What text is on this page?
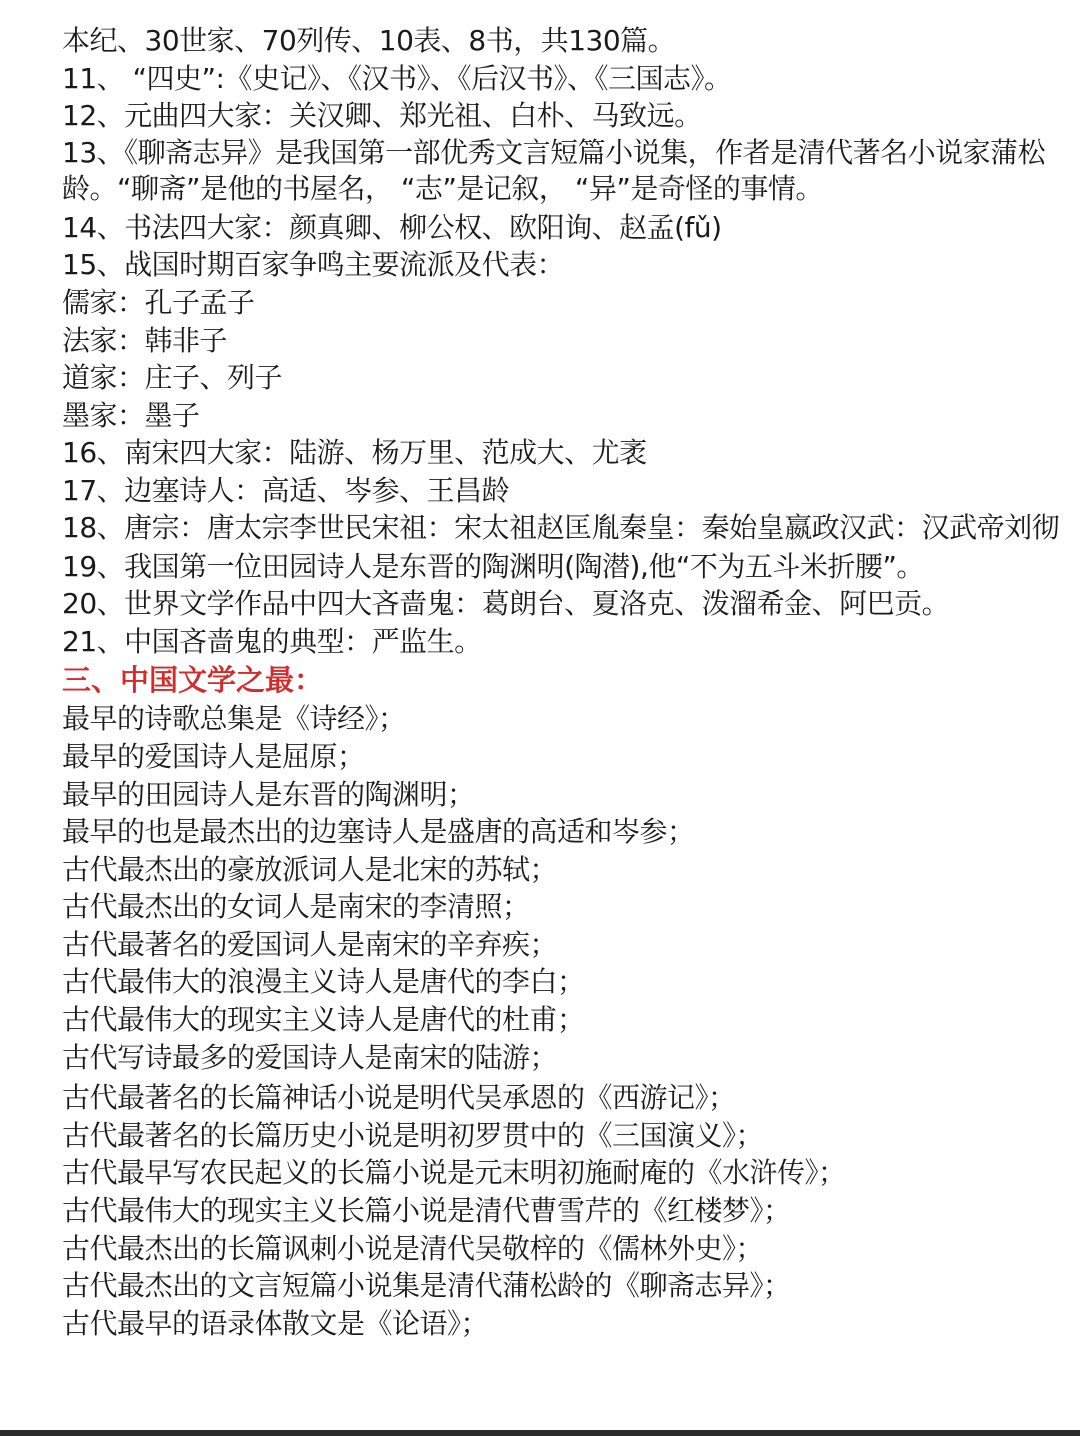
本纪、30世家、70列传、10表、8书，共130篇。
11、 “四史”:《史记》、《汉书》、《后汉书》、《三国志》。
12、元曲四大家：关汉卿、郑光祖、白朴、马致远。
13、《聊斋志异》是我国第一部优秀文言短篇小说集，作者是清代著名小说家蒲松龄。“聊斋”是他的书屋名， “志”是记叙， “异”是奇怪的事情。
14、书法四大家：颜真卿、柳公权、欧阳询、赵孟(fǔ)
15、战国时期百家争鸣主要流派及代表：
儒家：孔子孟子
法家：韩非子
道家：庄子、列子
墨家：墨子
16、南宋四大家：陆游、杨万里、范成大、尤袤
17、边塞诗人：高适、岑参、王昌龄
18、唐宗：唐太宗李世民宋祖：宋太祖赵匡胤秦皇：秦始皇嬴政汉武：汉武帝刘彻
19、我国第一位田园诗人是东晋的陶渊明(陶潜),他“不为五斗米折腰”。
20、世界文学作品中四大吝啬鬼：葛朗台、夏洛克、泼溜希金、阿巴贡。
21、中国吝啬鬼的典型：严监生。
三、中国文学之最：
最早的诗歌总集是《诗经》；
最早的爱国诗人是屈原；
最早的田园诗人是东晋的陶渊明；
最早的也是最杰出的边塞诗人是盛唐的高适和岑参；
古代最杰出的豪放派词人是北宋的苏轼；
古代最杰出的女词人是南宋的李清照；
古代最著名的爱国词人是南宋的辛弃疾；
古代最伟大的浪漫主义诗人是唐代的李白；
古代最伟大的现实主义诗人是唐代的杜甫；
古代写诗最多的爱国诗人是南宋的陆游；
古代最著名的长篇神话小说是明代吴承恩的《西游记》；
古代最著名的长篇历史小说是明初罗贯中的《三国演义》；
古代最早写农民起义的长篇小说是元末明初施耐庵的《水浒传》；
古代最伟大的现实主义长篇小说是清代曹雪芹的《红楼梦》；
古代最杰出的长篇讽刺小说是清代吴敬梓的《儒林外史》；
古代最杰出的文言短篇小说集是清代蒲松龄的《聊斋志异》；
古代最早的语录体散文是《论语》；
